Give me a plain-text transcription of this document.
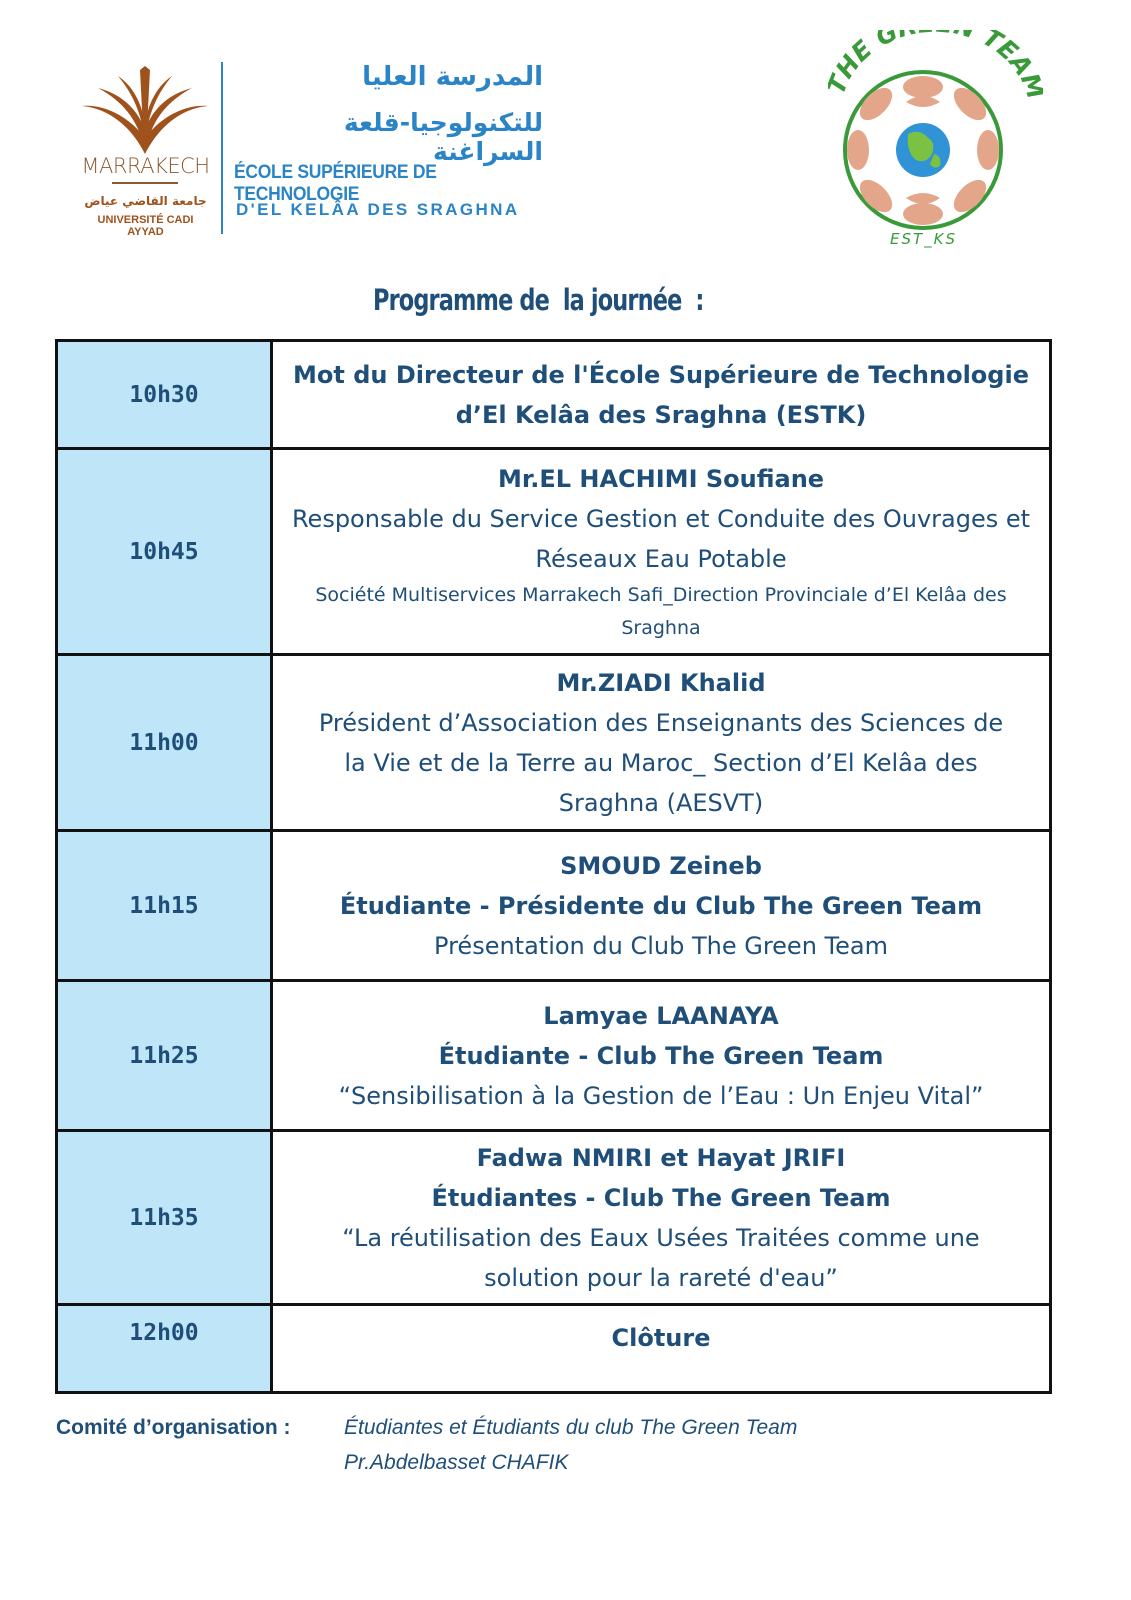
MARRAKECH
جامعة القاضي عياض
UNIVERSITÉ CADI AYYAD
المدرسة العليا
للتكنولوجيا-قلعة السراغنة
ÉCOLE SUPÉRIEURE DE TECHNOLOGIE
D'EL KELÂA DES SRAGHNA
HE G TEA
EST_KS
Programme de  la journée  :
10h30	Mot du Directeur de l'École Supérieure de Technologie
d’El Kelâa des Sraghna (ESTK)

10h45	Mr.EL HACHIMI Soufiane
Responsable du Service Gestion et Conduite des Ouvrages et
Réseaux Eau Potable
Société Multiservices Marrakech Safi_Direction Provinciale d’El Kelâa des
Sraghna

11h00	Mr.ZIADI Khalid
Président d’Association des Enseignants des Sciences de
la Vie et de la Terre au Maroc_ Section d’El Kelâa des
Sraghna (AESVT)

11h15	SMOUD Zeineb
Étudiante - Présidente du Club The Green Team
Présentation du Club The Green Team

11h25	Lamyae LAANAYA
Étudiante - Club The Green Team
“Sensibilisation à la Gestion de l’Eau : Un Enjeu Vital”

11h35	Fadwa NMIRI et Hayat JRIFI
Étudiantes - Club The Green Team
“La réutilisation des Eaux Usées Traitées comme une
solution pour la rareté d'eau”

12h00	Clôture
Comité d’organisation :	Étudiantes et Étudiants du club The Green Team
Pr.Abdelbasset CHAFIK
